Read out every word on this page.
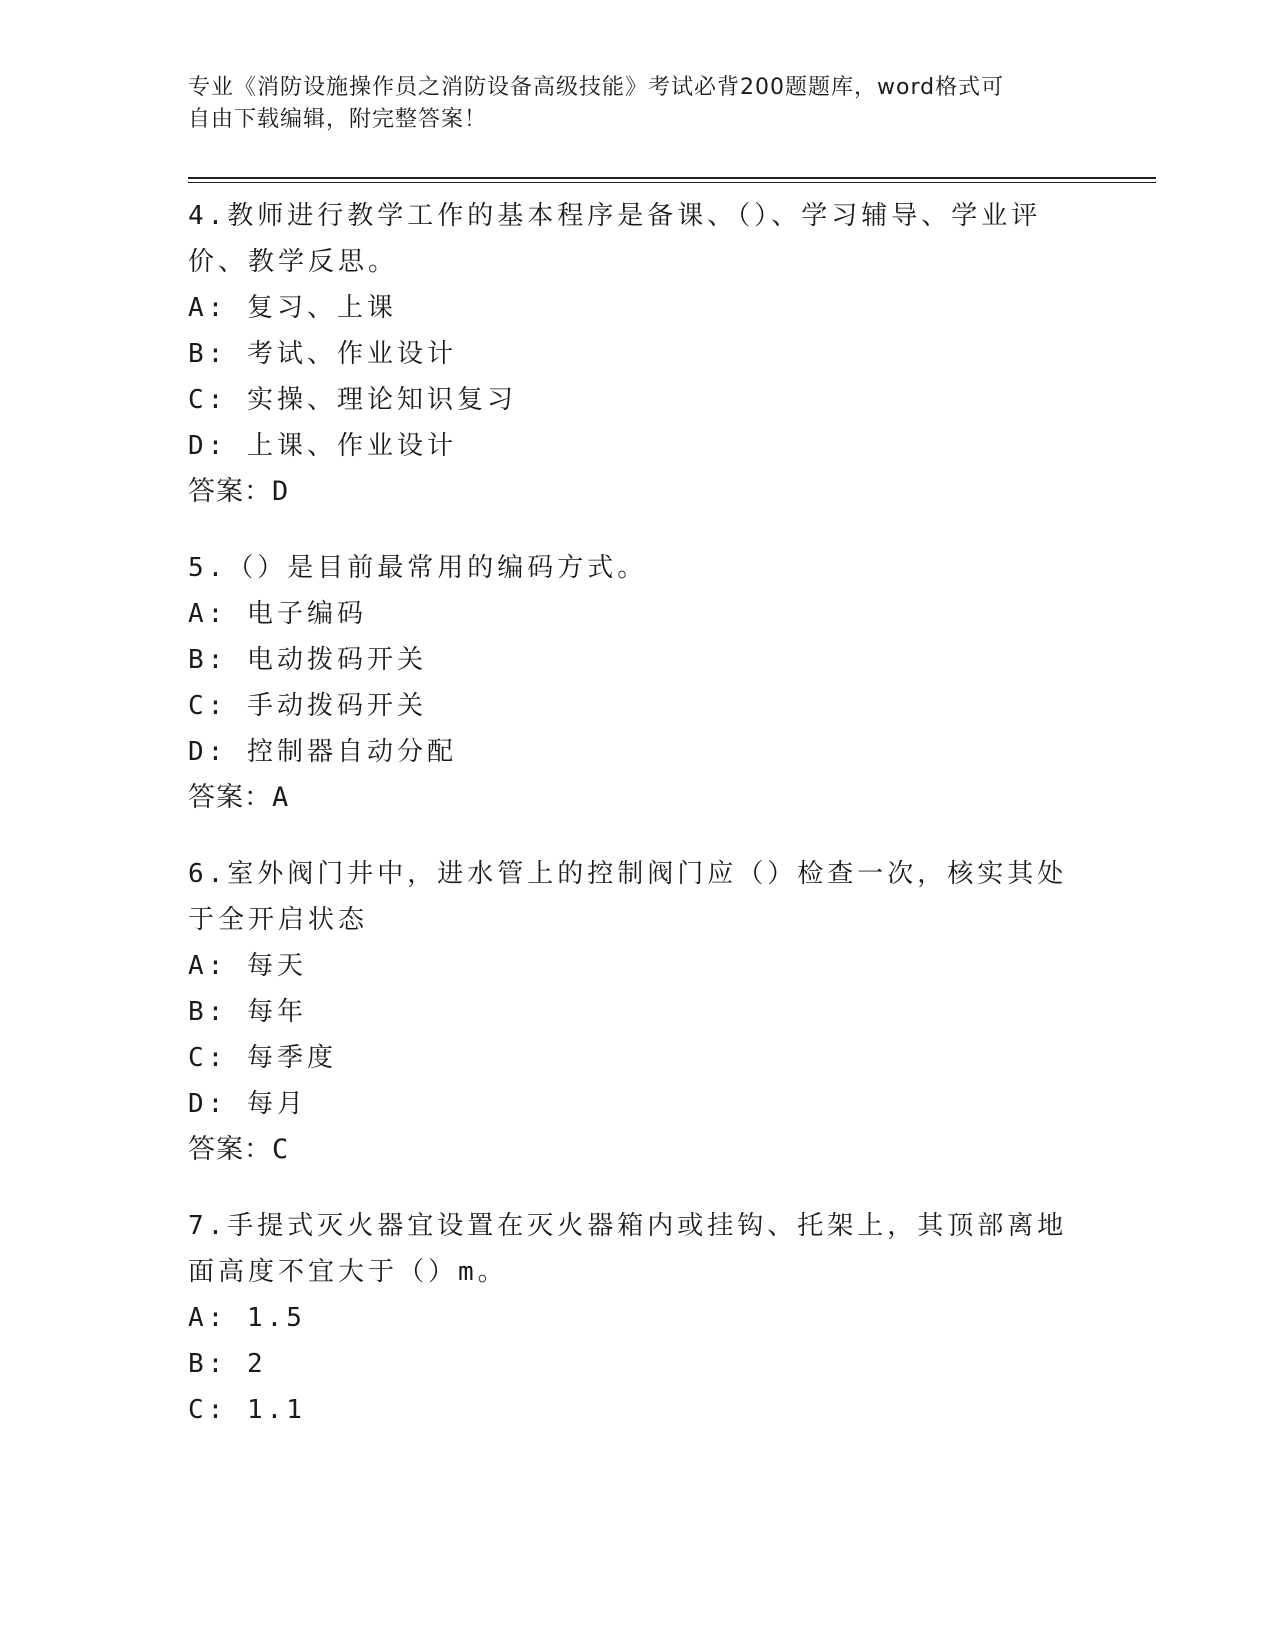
专业《消防设施操作员之消防设备高级技能》考试必背200题题库，word格式可
自由下载编辑，附完整答案！
4.教师进行教学工作的基本程序是备课、（）、学习辅导、学业评价、教学反思。
A: 复习、上课
B: 考试、作业设计
C: 实操、理论知识复习
D: 上课、作业设计
答案：D
5.（）是目前最常用的编码方式。
A: 电子编码
B: 电动拨码开关
C: 手动拨码开关
D: 控制器自动分配
答案：A
6.室外阀门井中，进水管上的控制阀门应（）检查一次，核实其处于全开启状态
A: 每天
B: 每年
C: 每季度
D: 每月
答案：C
7.手提式灭火器宜设置在灭火器箱内或挂钩、托架上，其顶部离地面高度不宜大于（）m。
A: 1.5
B: 2
C: 1.1
